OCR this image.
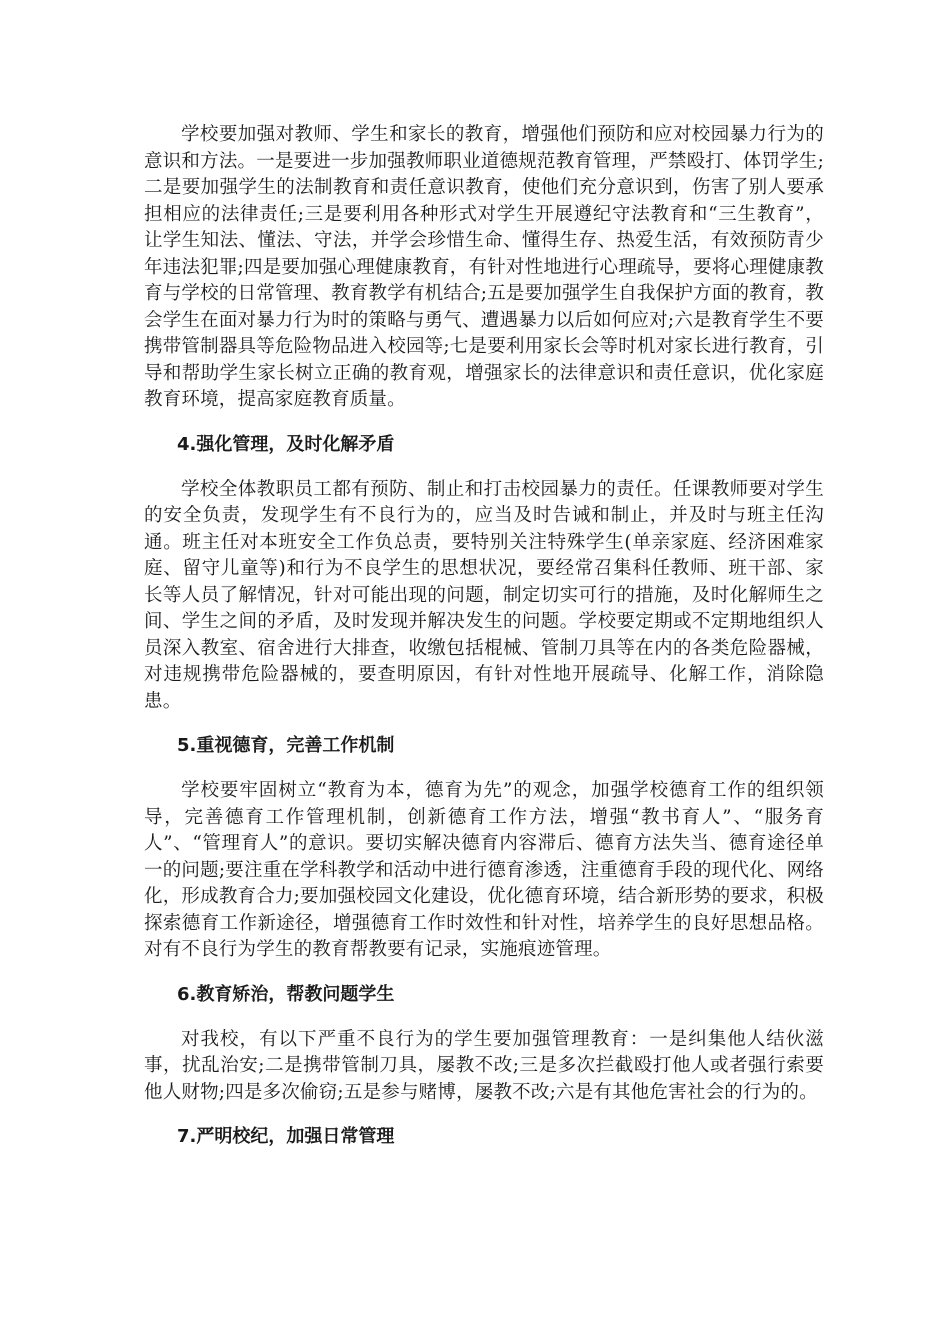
学校要加强对教师、学生和家长的教育，增强他们预防和应对校园暴力行为的意识和方法。一是要进一步加强教师职业道德规范教育管理，严禁殴打、体罚学生;二是要加强学生的法制教育和责任意识教育，使他们充分意识到，伤害了别人要承担相应的法律责任;三是要利用各种形式对学生开展遵纪守法教育和“三生教育”，让学生知法、懂法、守法，并学会珍惜生命、懂得生存、热爱生活，有效预防青少年违法犯罪;四是要加强心理健康教育，有针对性地进行心理疏导，要将心理健康教育与学校的日常管理、教育教学有机结合;五是要加强学生自我保护方面的教育，教会学生在面对暴力行为时的策略与勇气、遭遇暴力以后如何应对;六是教育学生不要携带管制器具等危险物品进入校园等;七是要利用家长会等时机对家长进行教育，引导和帮助学生家长树立正确的教育观，增强家长的法律意识和责任意识，优化家庭教育环境，提高家庭教育质量。

4.强化管理，及时化解矛盾

学校全体教职员工都有预防、制止和打击校园暴力的责任。任课教师要对学生的安全负责，发现学生有不良行为的，应当及时告诫和制止，并及时与班主任沟通。班主任对本班安全工作负总责，要特别关注特殊学生(单亲家庭、经济困难家庭、留守儿童等)和行为不良学生的思想状况，要经常召集科任教师、班干部、家长等人员了解情况，针对可能出现的问题，制定切实可行的措施，及时化解师生之间、学生之间的矛盾，及时发现并解决发生的问题。学校要定期或不定期地组织人员深入教室、宿舍进行大排查，收缴包括棍械、管制刀具等在内的各类危险器械，对违规携带危险器械的，要查明原因，有针对性地开展疏导、化解工作，消除隐患。

5.重视德育，完善工作机制

学校要牢固树立“教育为本，德育为先”的观念，加强学校德育工作的组织领导，完善德育工作管理机制，创新德育工作方法，增强“教书育人”、“服务育人”、“管理育人”的意识。要切实解决德育内容滞后、德育方法失当、德育途径单一的问题;要注重在学科教学和活动中进行德育渗透，注重德育手段的现代化、网络化，形成教育合力;要加强校园文化建设，优化德育环境，结合新形势的要求，积极探索德育工作新途径，增强德育工作时效性和针对性，培养学生的良好思想品格。对有不良行为学生的教育帮教要有记录，实施痕迹管理。

6.教育矫治，帮教问题学生

对我校，有以下严重不良行为的学生要加强管理教育：一是纠集他人结伙滋事，扰乱治安;二是携带管制刀具，屡教不改;三是多次拦截殴打他人或者强行索要他人财物;四是多次偷窃;五是参与赌博，屡教不改;六是有其他危害社会的行为的。

7.严明校纪，加强日常管理
